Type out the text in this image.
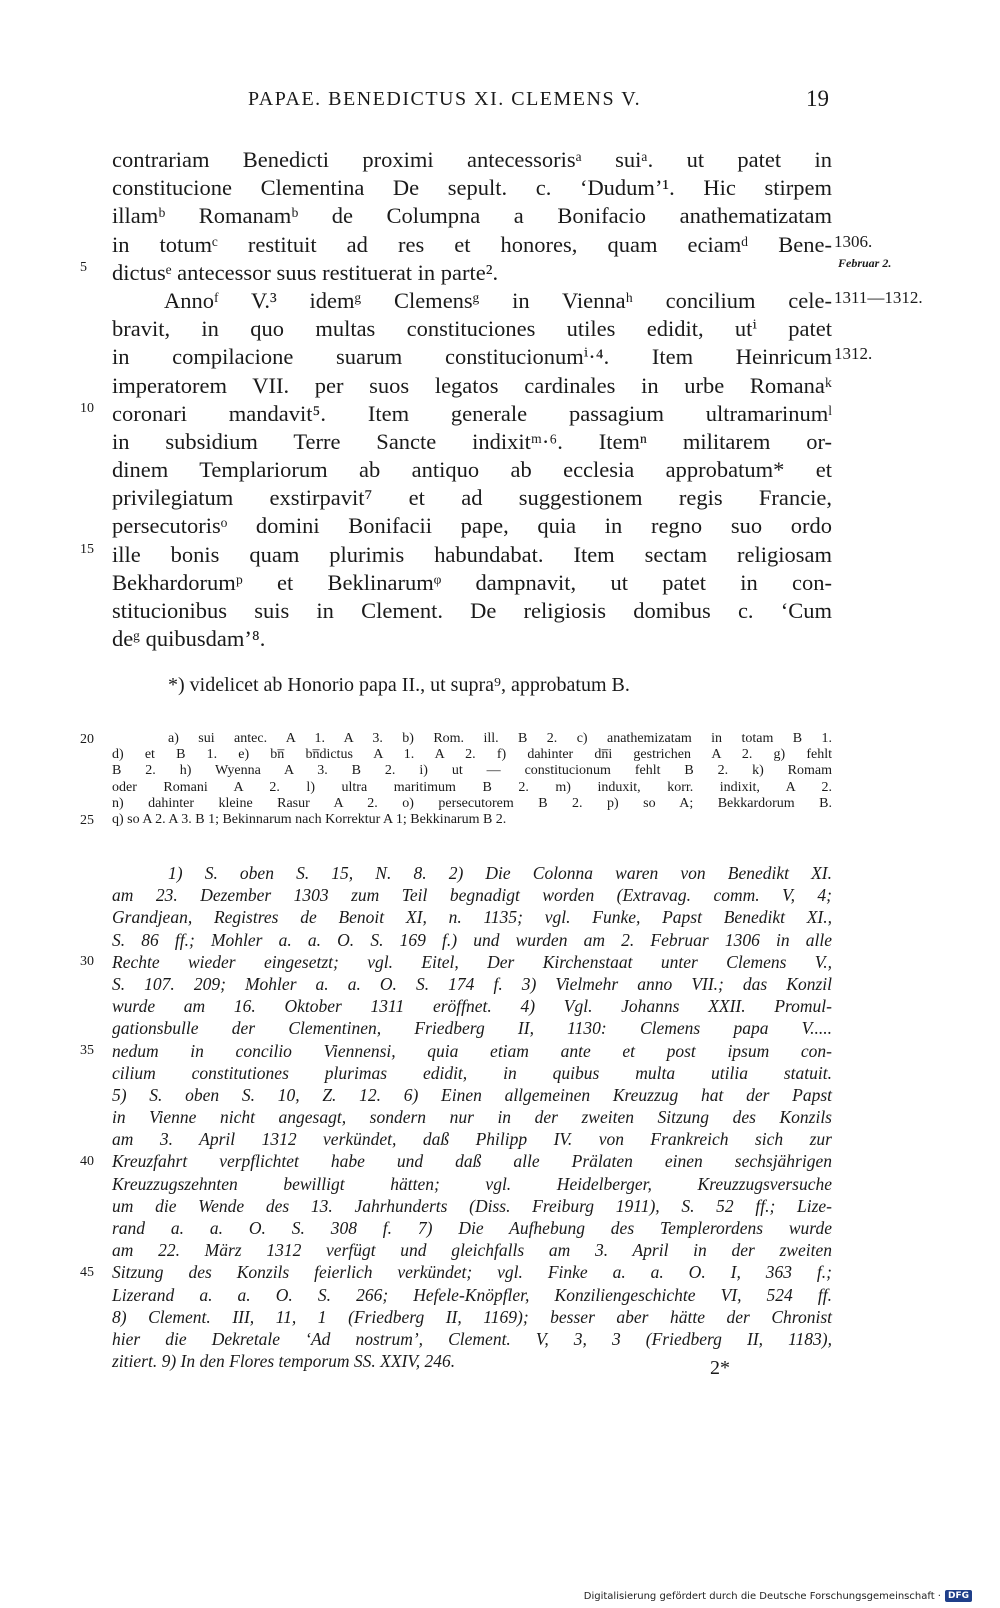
PAPAE. BENEDICTUS XI. CLEMENS V.	19
contrariam Benedicti proximi antecessorisᵃ suiᵃ. ut patet in
constitucione Clementina De sepult. c. ‘Dudum’¹. Hic stirpem
illamᵇ Romanamᵇ de Columpna a Bonifacio anathematizatam
in totumᶜ restituit ad res et honores, quam eciamᵈ Bene-
dictusᵉ antecessor suus restituerat in parte².
Annoᶠ V.³ idemᵍ Clemensᵍ in Viennaʰ concilium cele-
bravit, in quo multas constituciones utiles edidit, utⁱ patet
in compilacione suarum constitucionumⁱ·⁴. Item Heinricum
imperatorem VII. per suos legatos cardinales in urbe Romanaᵏ
coronari mandavit⁵. Item generale passagium ultramarinumˡ
in subsidium Terre Sancte indixitᵐ·⁶. Itemⁿ militarem or-
dinem Templariorum ab antiquo ab ecclesia approbatum* et
privilegiatum exstirpavit⁷ et ad suggestionem regis Francie,
persecutorisᵒ domini Bonifacii pape, quia in regno suo ordo
ille bonis quam plurimis habundabat. Item sectam religiosam
Bekhardorumᵖ et Beklinarumᵠ dampnavit, ut patet in con-
stitucionibus suis in Clement. De religiosis domibus c. ‘Cum
deᵍ quibusdam’⁸.
5
10
15
20
25
30
35
40
45
1306.
Februar 2.
1311—1312.
1312.
*) videlicet ab Honorio papa II., ut supra⁹, approbatum B.
a) sui antec. A 1. A 3. b) Rom. ill. B 2. c) anathemizatam in totam B 1.
d) et B 1. e) bn̅ bn̅dictus A 1. A 2. f) dahinter dn̅i gestrichen A 2. g) fehlt
B 2. h) Wyenna A 3. B 2. i) ut — constitucionum fehlt B 2. k) Romam
oder Romani A 2. l) ultra maritimum B 2. m) induxit, korr. indixit, A 2.
n) dahinter kleine Rasur A 2. o) persecutorem B 2. p) so A; Bekkardorum B.
q) so A 2. A 3. B 1; Bekinnarum nach Korrektur A 1; Bekkinarum B 2.
1) S. oben S. 15, N. 8. 2) Die Colonna waren von Benedikt XI.
am 23. Dezember 1303 zum Teil begnadigt worden (Extravag. comm. V, 4;
Grandjean, Registres de Benoit XI, n. 1135; vgl. Funke, Papst Benedikt XI.,
S. 86 ff.; Mohler a. a. O. S. 169 f.) und wurden am 2. Februar 1306 in alle
Rechte wieder eingesetzt; vgl. Eitel, Der Kirchenstaat unter Clemens V.,
S. 107. 209; Mohler a. a. O. S. 174 f. 3) Vielmehr anno VII.; das Konzil
wurde am 16. Oktober 1311 eröffnet. 4) Vgl. Johanns XXII. Promul-
gationsbulle der Clementinen, Friedberg II, 1130: Clemens papa V.....
nedum in concilio Viennensi, quia etiam ante et post ipsum con-
cilium constitutiones plurimas edidit, in quibus multa utilia statuit.
5) S. oben S. 10, Z. 12. 6) Einen allgemeinen Kreuzzug hat der Papst
in Vienne nicht angesagt, sondern nur in der zweiten Sitzung des Konzils
am 3. April 1312 verkündet, daß Philipp IV. von Frankreich sich zur
Kreuzfahrt verpflichtet habe und daß alle Prälaten einen sechsjährigen
Kreuzzugszehnten bewilligt hätten; vgl. Heidelberger, Kreuzzugsversuche
um die Wende des 13. Jahrhunderts (Diss. Freiburg 1911), S. 52 ff.; Lize-
rand a. a. O. S. 308 f. 7) Die Aufhebung des Templerordens wurde
am 22. März 1312 verfügt und gleichfalls am 3. April in der zweiten
Sitzung des Konzils feierlich verkündet; vgl. Finke a. a. O. I, 363 f.;
Lizerand a. a. O. S. 266; Hefele-Knöpfler, Konziliengeschichte VI, 524 ff.
8) Clement. III, 11, 1 (Friedberg II, 1169); besser aber hätte der Chronist
hier die Dekretale ‘Ad nostrum’, Clement. V, 3, 3 (Friedberg II, 1183),
zitiert. 9) In den Flores temporum SS. XXIV, 246.	2*
Digitalisierung gefördert durch die Deutsche Forschungsgemeinschaft · DFG
